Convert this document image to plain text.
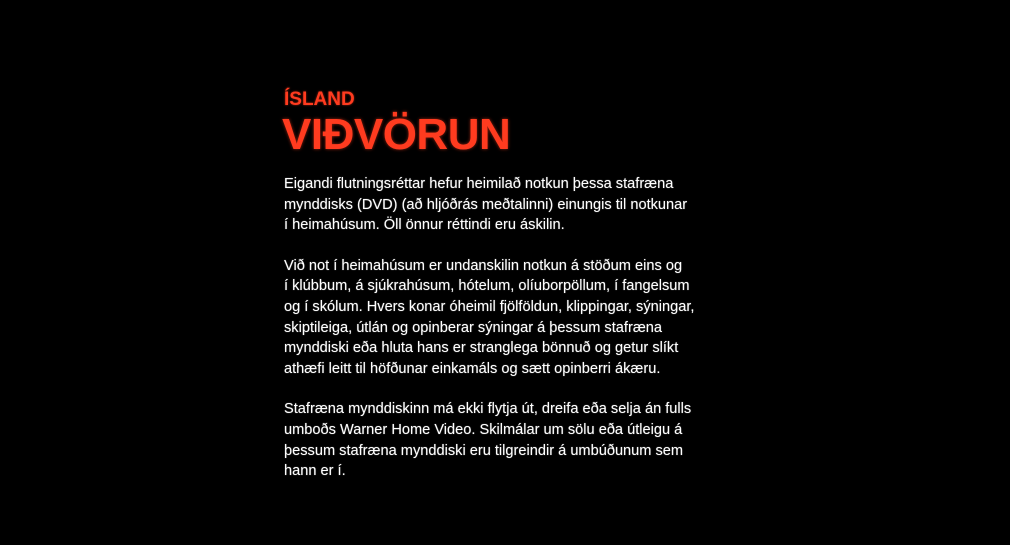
ÍSLAND
VIÐVÖRUN

Eigandi flutningsréttar hefur heimilað notkun þessa stafræna
mynddisks (DVD) (að hljóðrás meðtalinni) einungis til notkunar
í heimahúsum. Öll önnur réttindi eru áskilin.

Við not í heimahúsum er undanskilin notkun á stöðum eins og
í klúbbum, á sjúkrahúsum, hótelum, olíuborpöllum, í fangelsum
og í skólum. Hvers konar óheimil fjölföldun, klippingar, sýningar,
skiptileiga, útlán og opinberar sýningar á þessum stafræna
mynddiski eða hluta hans er stranglega bönnuð og getur slíkt
athæfi leitt til höfðunar einkamáls og sætt opinberri ákæru.

Stafræna mynddiskinn má ekki flytja út, dreifa eða selja án fulls
umboðs Warner Home Video. Skilmálar um sölu eða útleigu á
þessum stafræna mynddiski eru tilgreindir á umbúðunum sem
hann er í.
